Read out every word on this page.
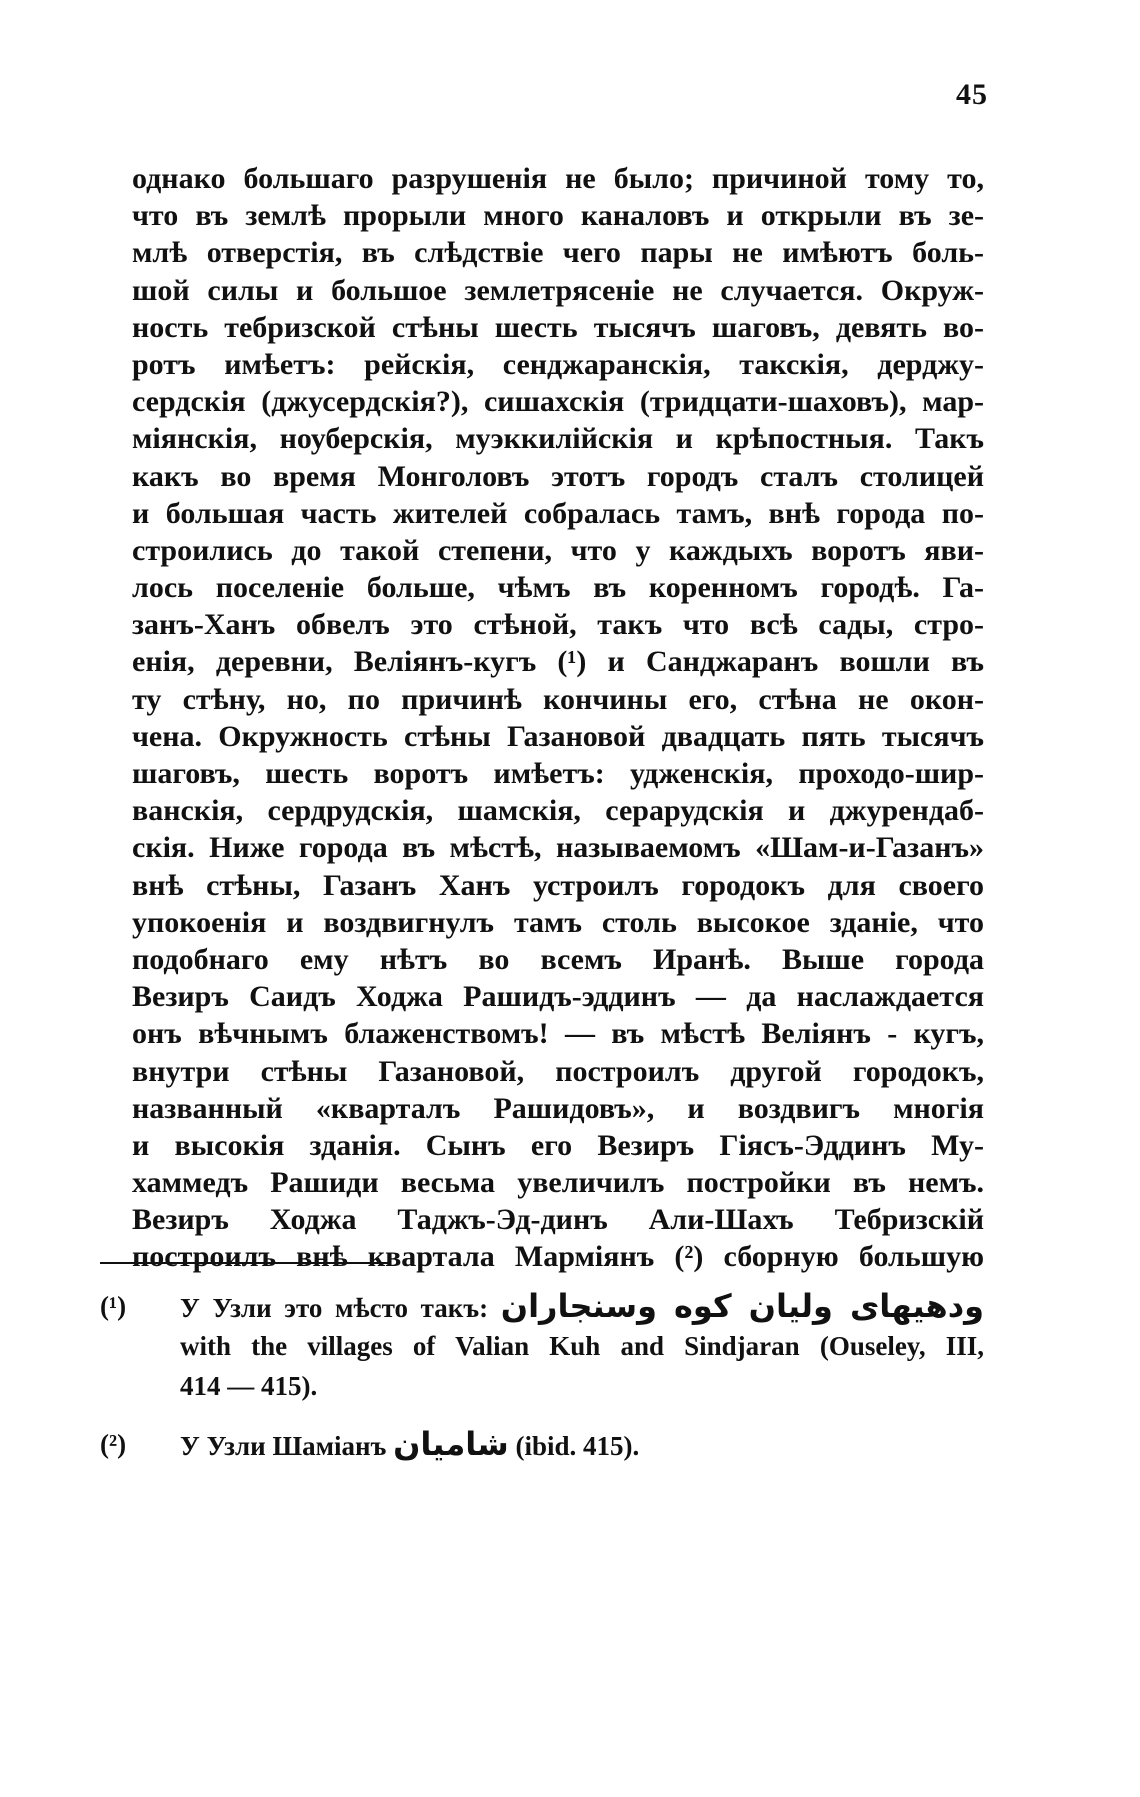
45
однако большаго разрушенія не было; причиной тому то,
что въ землѣ прорыли много каналовъ и открыли въ зе-
млѣ отверстія, въ слѣдствіе чего пары не имѣютъ боль-
шой силы и большое землетрясеніе не случается. Окруж-
ность тебризской стѣны шесть тысячъ шаговъ, девять во-
ротъ имѣетъ: рейскія, сенджаранскія, такскія, дерджу-
сердскія (джусердскія?), сишахскія (тридцати-шаховъ), мар-
міянскія, ноуберскія, муэккилійскія и крѣпостныя. Такъ
какъ во время Монголовъ этотъ городъ сталъ столицей
и большая часть жителей собралась тамъ, внѣ города по-
строились до такой степени, что у каждыхъ воротъ яви-
лось поселеніе больше, чѣмъ въ коренномъ городѣ. Га-
занъ-Ханъ обвелъ это стѣной, такъ что всѣ сады, стро-
енія, деревни, Веліянъ-кугъ (¹) и Санджаранъ вошли въ
ту стѣну, но, по причинѣ кончины его, стѣна не окон-
чена. Окружность стѣны Газановой двадцать пять тысячъ
шаговъ, шесть воротъ имѣетъ: удженскія, проходо-шир-
ванскія, сердрудскія, шамскія, серарудскія и джурендаб-
скія. Ниже города въ мѣстѣ, называемомъ «Шам-и-Газанъ»
внѣ стѣны, Газанъ Ханъ устроилъ городокъ для своего
упокоенія и воздвигнулъ тамъ столь высокое зданіе, что
подобнаго ему нѣтъ во всемъ Иранѣ. Выше города
Везиръ Саидъ Ходжа Рашидъ-эддинъ — да наслаждается
онъ вѣчнымъ блаженствомъ! — въ мѣстѣ Веліянъ - кугъ,
внутри стѣны Газановой, построилъ другой городокъ,
названный «кварталъ Рашидовъ», и воздвигъ многія
и высокія зданія. Сынъ его Везиръ Гіясъ-Эддинъ Му-
хаммедъ Рашиди весьма увеличилъ постройки въ немъ.
Везиръ Ходжа Таджъ-Эд-динъ Али-Шахъ Тебризскій
построилъ внѣ квартала Марміянъ (²) сборную большую
(¹) У Узли это мѣсто такъ: ودهیهای ولیان کوه وسنجاران
with the villages of Valian Kuh and Sindjaran (Ouseley, III,
414 — 415).
(²) У Узли Шаміанъ شامیان (ibid. 415).
